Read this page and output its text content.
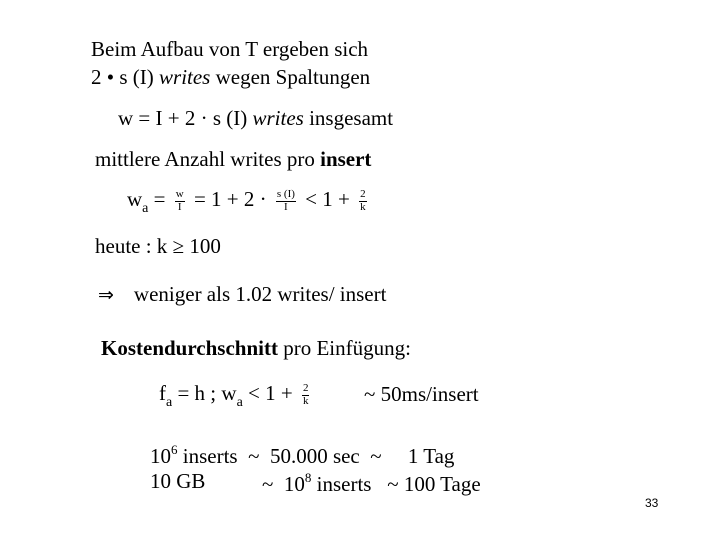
Beim Aufbau von T ergeben sich
2 • s (I) writes wegen Spaltungen
w = I + 2 · s (I) writes insgesamt
mittlere Anzahl writes pro insert
$w_a = \frac{w}{I} = 1 + 2 \cdot \frac{s (I)}{I} < 1 + \frac{2}{k}$
heute : k ≥ 100
⇒ weniger als 1.02 writes/ insert
Kostendurchschnitt pro Einfügung:
$f_a = h$ ; $w_a < 1 + \frac{2}{k}$	~ 50ms/insert
$10^6$ inserts  ~  50.000 sec  ~     1 Tag
10 GB	~  $10^8$ inserts   ~ 100 Tage
33
